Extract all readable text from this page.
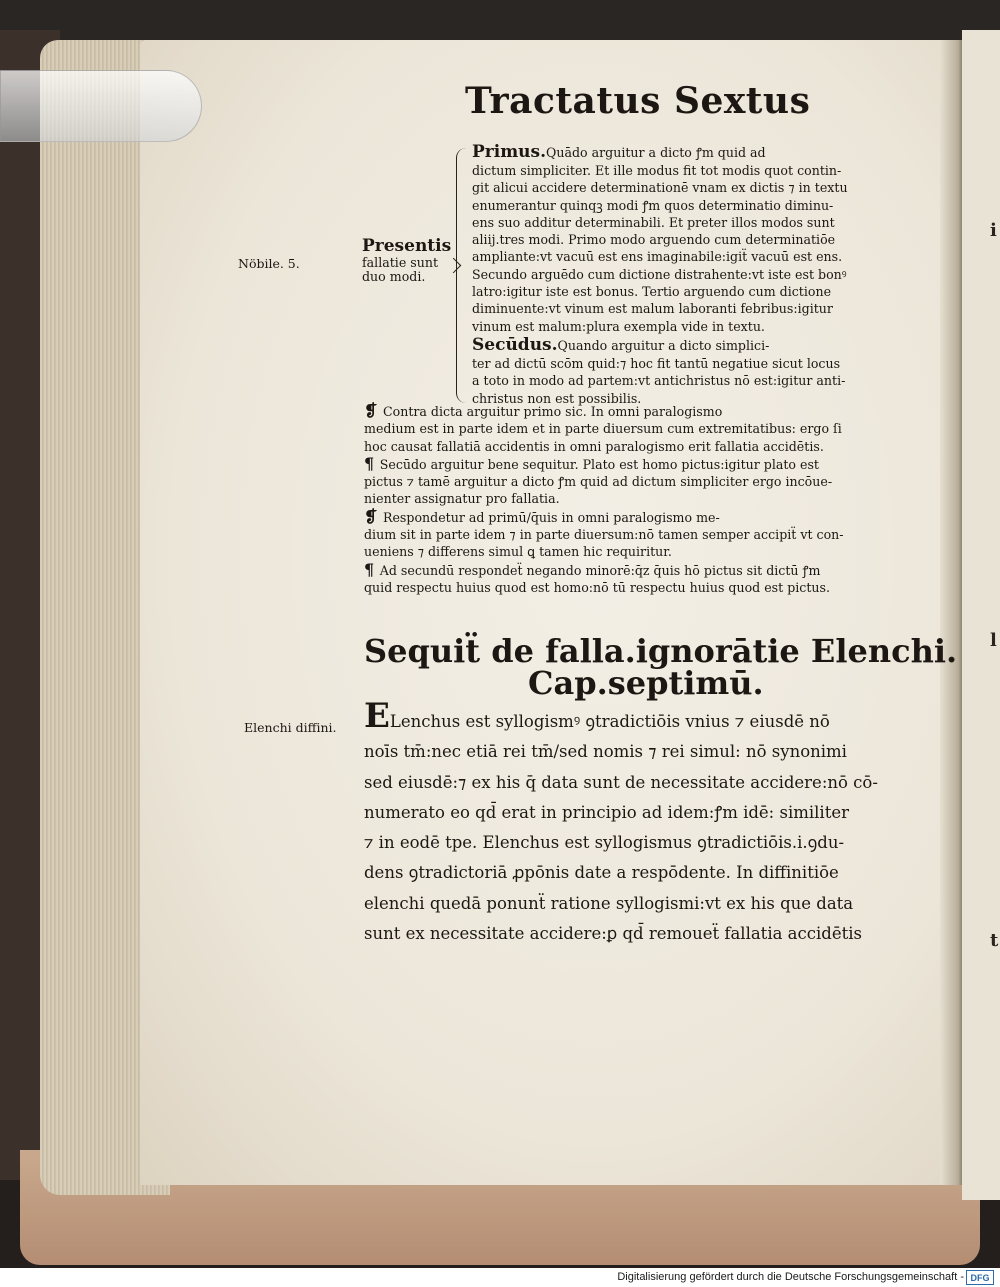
i
l
t

Tractatus Sextus
Nöbile. 5.
Elenchi diffini.
Presentis
fallatie sunt
duo modi.
Primus.Quādo arguitur a dicto ꝭm quid ad
dictum simpliciter. Et ille modus fit tot modis quot contin-
git alicui accidere determinationē vnam ex dictis ⁊ in textu
enumerantur quinqꝫ modi ꝭm quos determinatio diminu-
ens suo additur determinabili. Et preter illos modos sunt
aliij.tres modi. Primo modo arguendo cum determinatiōe
ampliante:vt vacuū est ens imaginabile:igiẗ vacuū est ens.
Secundo arguēdo cum dictione distrahente:vt iste est bonꝰ
latro:igitur iste est bonus. Tertio arguendo cum dictione
diminuente:vt vinum est malum laboranti febribus:igitur
vinum est malum:plura exempla vide in textu.
Secūdus.Quando arguitur a dicto simplici-
ter ad dictū scōm quid:⁊ hoc fit tantū negatiue sicut locus
a toto in modo ad partem:vt antichristus nō est:igitur anti-
christus non est possibilis.
❡ Contra dicta arguitur primo sic. In omni paralogismo
medium est in parte idem et in parte diuersum cum extremitatibus: ergo ſi
hoc causat fallatiā accidentis in omni paralogismo erit fallatia accidētis.
¶ Secūdo arguitur bene sequitur. Plato est homo pictus:igitur plato est
pictus ⁊ tamē arguitur a dicto ꝭm quid ad dictum simpliciter ergo incōue-
nienter assignatur pro fallatia.
❡ Respondetur ad primū/q̄uis in omni paralogismo me-
dium sit in parte idem ⁊ in parte diuersum:nō tamen semper accipiẗ vt con-
ueniens ⁊ differens simul ꝗ tamen hic requiritur.
¶ Ad secundū respondeẗ negando minorē:q̄z q̄uis hō pictus sit dictū ꝭm
quid respectu huius quod est homo:nō tū respectu huius quod est pictus.
Sequiẗ de falla.ignorātie Elenchi.
Cap.septimū.
ELenchus est syllogismꝰ ꝯtradictiōis vnius ⁊ eiusdē nō
noīs tm̄:nec etiā rei tm̄/sed nomis ⁊ rei simul: nō synonimi
sed eiusdē:⁊ ex his q̄ data sunt de necessitate accidere:nō cō-
numerato eo qd̄ erat in principio ad idem:ꝭm idē: similiter
⁊ in eodē tpe. Elenchus est syllogismus ꝯtradictiōis.i.ꝯdu-
dens ꝯtradictoriā ꝓpōnis date a respōdente. In diffinitiōe
elenchi quedā ponunẗ ratione syllogismi:vt ex his que data
sunt ex necessitate accidere:ꝑ qd̄ remoueẗ fallatia accidētis
Digitalisierung gefördert durch die Deutsche Forschungsgemeinschaft - DFG
